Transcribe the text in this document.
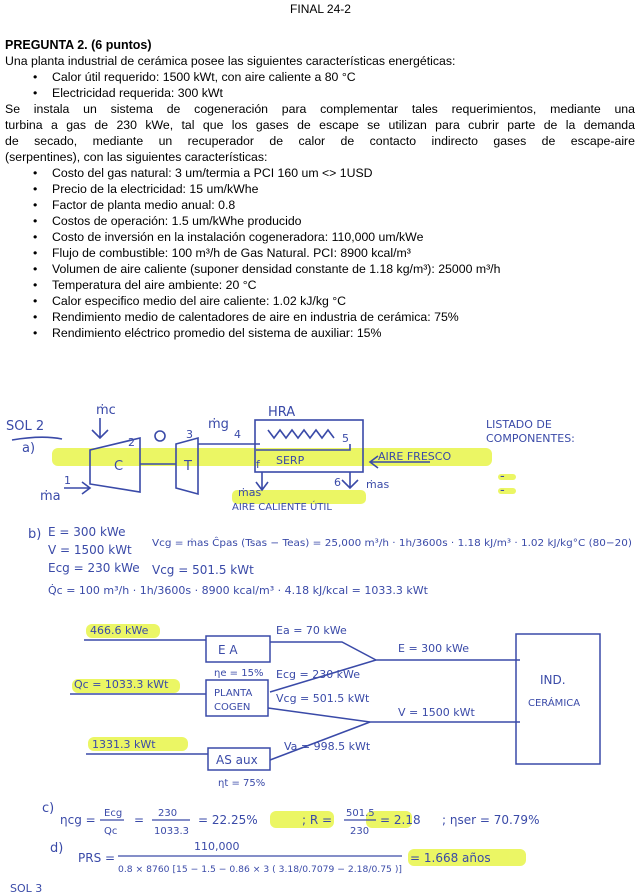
FINAL 24-2
PREGUNTA 2. (6 puntos)

Una planta industrial de cerámica posee las siguientes características energéticas:

• Calor útil requerido: 1500 kWt, con aire caliente a 80 °C
• Electricidad requerida: 300 kWt

Se instala un sistema de cogeneración para complementar tales requerimientos, mediante una

turbina a gas de 230 kWe, tal que los gases de escape se utilizan para cubrir parte de la demanda

de secado, mediante un recuperador de calor de contacto indirecto gases de escape-aire

(serpentines), con las siguientes características:

• Costo del gas natural: 3 um/termia a PCI 160 um <> 1USD
• Precio de la electricidad: 15 um/kWhe
• Factor de planta medio anual: 0.8
• Costos de operación: 1.5 um/kWhe producido
• Costo de inversión en la instalación cogeneradora: 110,000 um/kWe
• Flujo de combustible: 100 m³/h de Gas Natural. PCI: 8900 kcal/m³
• Volumen de aire caliente (suponer densidad constante de 1.18 kg/m³): 25000 m³/h
• Temperatura del aire ambiente: 20 °C
• Calor especifico medio del aire caliente: 1.02 kJ/kg °C
• Rendimiento medio de calentadores de aire en industria de cerámica: 75%
• Rendimiento eléctrico promedio del sistema de auxiliar: 15%
SOL 2
a)
ṁc
ṁa
ṁg
C	T
HRA
SERP	AIRE FRESCO
ṁas
ṁas
AIRE CALIENTE ÚTIL
1
2
3	4	5
6
f
LISTADO DE
COMPONENTES:
-
-
b) E = 300 kWe
V = 1500 kWt
Ecg = 230 kWe
Q̇c = 100 m³/h · 1h/3600s · 8900 kcal/m³ · 4.18 kJ/kcal = 1033.3 kWt
Vcg = ṁas Ĉpas (Tsas − Teas) = 25,000 m³/h · 1h/3600s · 1.18 kJ/m³ · 1.02 kJ/kg°C (80−20)
Vcg = 501.5 kWt
E A
ηe = 15%
466.6 kWe	Ea = 70 kWe
PLANTA
COGEN
Qc = 1033.3 kWt
Ecg = 230 kWe
Vcg = 501.5 kWt
AS aux
ηt = 75%
1331.3 kWt	Va = 998.5 kWt
IND.
CERÁMICA
E = 300 kWe
V = 1500 kWt
c)
ηcg = Ecg
Qc
= 230
1033.3
= 22.25%	; R = 501.5
230
= 2.18 ; ηser = 70.79%
d)
PRS =
110,000
0.8 × 8760 [15 − 1.5 − 0.86 × 3 ( 3.18/0.7079 − 2.18/0.75 )]
= 1.668 años
SOL 3
